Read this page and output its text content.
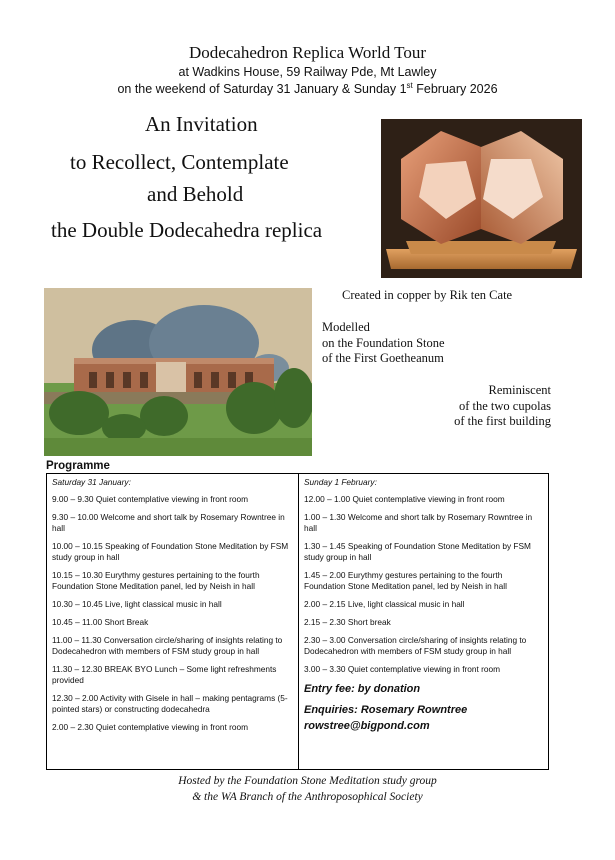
Dodecahedron Replica World Tour
at Wadkins House, 59 Railway Pde, Mt Lawley
on the weekend of Saturday 31 January & Sunday 1st February 2026
An Invitation
to Recollect, Contemplate
and Behold
the Double Dodecahedra replica
Created in copper by Rik ten Cate
Modelled
on the Foundation Stone
of the First Goetheanum
Reminiscent
of the two cupolas
of the first building
Programme
Saturday 31 January:
9.00 – 9.30 Quiet contemplative viewing in front room
9.30 – 10.00 Welcome and short talk by Rosemary Rowntree in hall
10.00 – 10.15 Speaking of Foundation Stone Meditation by FSM study group in hall
10.15 – 10.30 Eurythmy gestures pertaining to the fourth Foundation Stone Meditation panel, led by Neish in hall
10.30 – 10.45 Live, light classical music in hall
10.45 – 11.00 Short Break
11.00 – 11.30 Conversation circle/sharing of insights relating to Dodecahedron with members of FSM study group in hall
11.30 – 12.30 BREAK BYO Lunch – Some light refreshments provided
12.30 – 2.00 Activity with Gisele in hall – making pentagrams (5-pointed stars) or constructing dodecahedra
2.00 – 2.30 Quiet contemplative viewing in front room
Sunday 1 February:
12.00 – 1.00 Quiet contemplative viewing in front room
1.00 – 1.30 Welcome and short talk by Rosemary Rowntree in hall
1.30 – 1.45 Speaking of Foundation Stone Meditation by FSM study group in hall
1.45 – 2.00 Eurythmy gestures pertaining to the fourth Foundation Stone Meditation panel, led by Neish in hall
2.00 – 2.15 Live, light classical music in hall
2.15 – 2.30 Short break
2.30 – 3.00 Conversation circle/sharing of insights relating to Dodecahedron with members of FSM study group in hall
3.00 – 3.30 Quiet contemplative viewing in front room
Entry fee: by donation
Enquiries: Rosemary Rowntree
rowstree@bigpond.com
Hosted by the Foundation Stone Meditation study group
& the WA Branch of the Anthroposophical Society
